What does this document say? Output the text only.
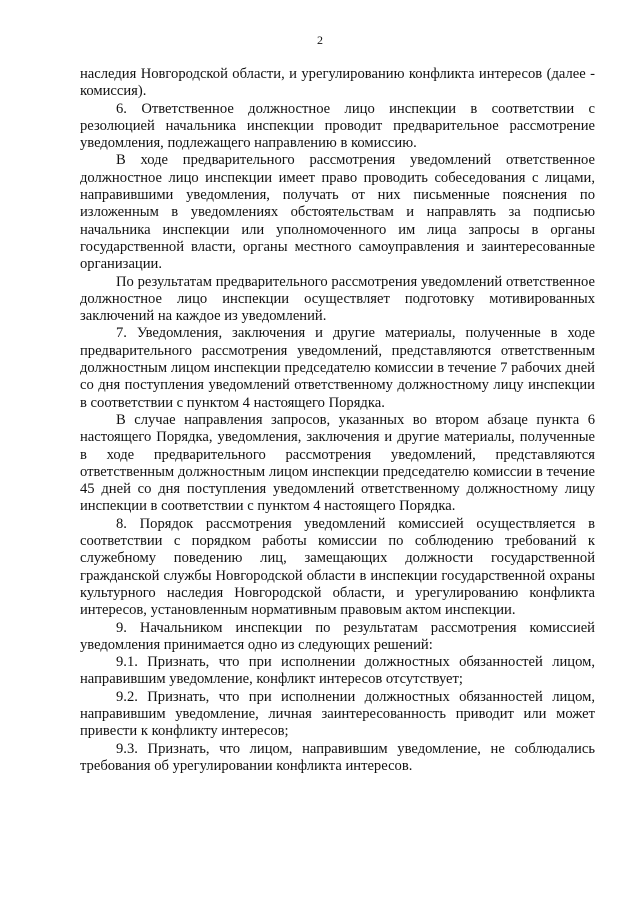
2

наследия Новгородской области, и урегулированию конфликта интересов (далее - комиссия).

6. Ответственное должностное лицо инспекции в соответствии с резолюцией начальника инспекции проводит предварительное рассмотрение уведомления, подлежащего направлению в комиссию.

В ходе предварительного рассмотрения уведомлений ответственное должностное лицо инспекции имеет право проводить собеседования с лицами, направившими уведомления, получать от них письменные пояснения по изложенным в уведомлениях обстоятельствам и направлять за подписью начальника инспекции или уполномоченного им лица запросы в органы государственной власти, органы местного самоуправления и заинтересованные организации.

По результатам предварительного рассмотрения уведомлений ответственное должностное лицо инспекции осуществляет подготовку мотивированных заключений на каждое из уведомлений.

7. Уведомления, заключения и другие материалы, полученные в ходе предварительного рассмотрения уведомлений, представляются ответственным должностным лицом инспекции председателю комиссии в течение 7 рабочих дней со дня поступления уведомлений ответственному должностному лицу инспекции в соответствии с пунктом 4 настоящего Порядка.

В случае направления запросов, указанных во втором абзаце пункта 6 настоящего Порядка, уведомления, заключения и другие материалы, полученные в ходе предварительного рассмотрения уведомлений, представляются ответственным должностным лицом инспекции председателю комиссии в течение 45 дней со дня поступления уведомлений ответственному должностному лицу инспекции в соответствии с пунктом 4 настоящего Порядка.

8. Порядок рассмотрения уведомлений комиссией осуществляется в соответствии с порядком работы комиссии по соблюдению требований к служебному поведению лиц, замещающих должности государственной гражданской службы Новгородской области в инспекции государственной охраны культурного наследия Новгородской области, и урегулированию конфликта интересов, установленным нормативным правовым актом инспекции.

9. Начальником инспекции по результатам рассмотрения комиссией уведомления принимается одно из следующих решений:

9.1. Признать, что при исполнении должностных обязанностей лицом, направившим уведомление, конфликт интересов отсутствует;

9.2. Признать, что при исполнении должностных обязанностей лицом, направившим уведомление, личная заинтересованность приводит или может привести к конфликту интересов;

9.3. Признать, что лицом, направившим уведомление, не соблюдались требования об урегулировании конфликта интересов.
